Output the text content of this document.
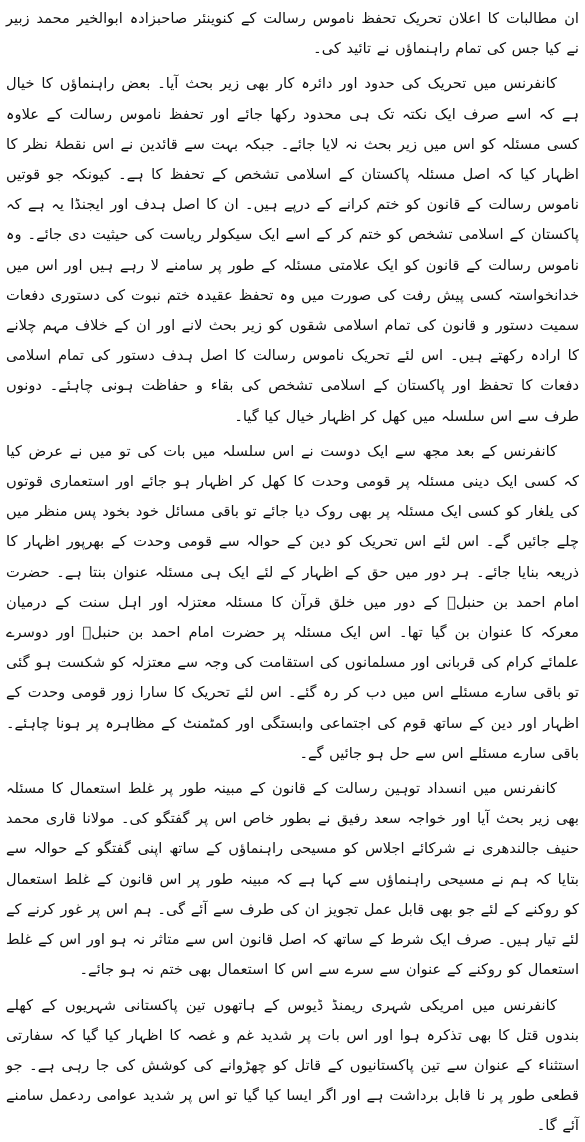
ان مطالبات کا اعلان تحریک تحفظ ناموس رسالت کے کنوینئر صاحبزادہ ابوالخیر محمد زبیر نے کیا جس کی تمام راہنماؤں نے تائید کی۔

کانفرنس میں تحریک کی حدود اور دائرہ کار بھی زیر بحث آیا۔ بعض راہنماؤں کا خیال ہے کہ اسے صرف ایک نکتہ تک ہی محدود رکھا جائے اور تحفظ ناموس رسالت کے علاوہ کسی مسئلہ کو اس میں زیر بحث نہ لایا جائے۔ جبکہ بہت سے قائدین نے اس نقطۂ نظر کا اظہار کیا کہ اصل مسئلہ پاکستان کے اسلامی تشخص کے تحفظ کا ہے۔ کیونکہ جو قوتیں ناموس رسالت کے قانون کو ختم کرانے کے درپے ہیں۔ ان کا اصل ہدف اور ایجنڈا یہ ہے کہ پاکستان کے اسلامی تشخص کو ختم کر کے اسے ایک سیکولر ریاست کی حیثیت دی جائے۔ وہ ناموس رسالت کے قانون کو ایک علامتی مسئلہ کے طور پر سامنے لا رہے ہیں اور اس میں خدانخواستہ کسی پیش رفت کی صورت میں وہ تحفظ عقیدہ ختم نبوت کی دستوری دفعات سمیت دستور و قانون کی تمام اسلامی شقوں کو زیر بحث لانے اور ان کے خلاف مہم چلانے کا ارادہ رکھتے ہیں۔ اس لئے تحریک ناموس رسالت کا اصل ہدف دستور کی تمام اسلامی دفعات کا تحفظ اور پاکستان کے اسلامی تشخص کی بقاء و حفاظت ہونی چاہئے۔ دونوں طرف سے اس سلسلہ میں کھل کر اظہار خیال کیا گیا۔

کانفرنس کے بعد مجھ سے ایک دوست نے اس سلسلہ میں بات کی تو میں نے عرض کیا کہ کسی ایک دینی مسئلہ پر قومی وحدت کا کھل کر اظہار ہو جائے اور استعماری قوتوں کی یلغار کو کسی ایک مسئلہ پر بھی روک دیا جائے تو باقی مسائل خود بخود پس منظر میں چلے جائیں گے۔ اس لئے اس تحریک کو دین کے حوالہ سے قومی وحدت کے بھرپور اظہار کا ذریعہ بنایا جائے۔ ہر دور میں حق کے اظہار کے لئے ایک ہی مسئلہ عنوان بنتا ہے۔ حضرت امام احمد بن حنبلؒ کے دور میں خلق قرآن کا مسئلہ معتزلہ اور اہل سنت کے درمیان معرکہ کا عنوان بن گیا تھا۔ اس ایک مسئلہ پر حضرت امام احمد بن حنبلؒ اور دوسرے علمائے کرام کی قربانی اور مسلمانوں کی استقامت کی وجہ سے معتزلہ کو شکست ہو گئی تو باقی سارے مسئلے اس میں دب کر رہ گئے۔ اس لئے تحریک کا سارا زور قومی وحدت کے اظہار اور دین کے ساتھ قوم کی اجتماعی وابستگی اور کمٹمنٹ کے مظاہرہ پر ہونا چاہئے۔ باقی سارے مسئلے اس سے حل ہو جائیں گے۔

کانفرنس میں انسداد توہین رسالت کے قانون کے مبینہ طور پر غلط استعمال کا مسئلہ بھی زیر بحث آیا اور خواجہ سعد رفیق نے بطور خاص اس پر گفتگو کی۔ مولانا قاری محمد حنیف جالندھری نے شرکائے اجلاس کو مسیحی راہنماؤں کے ساتھ اپنی گفتگو کے حوالہ سے بتایا کہ ہم نے مسیحی راہنماؤں سے کہا ہے کہ مبینہ طور پر اس قانون کے غلط استعمال کو روکنے کے لئے جو بھی قابل عمل تجویز ان کی طرف سے آئے گی۔ ہم اس پر غور کرنے کے لئے تیار ہیں۔ صرف ایک شرط کے ساتھ کہ اصل قانون اس سے متاثر نہ ہو اور اس کے غلط استعمال کو روکنے کے عنوان سے سرے سے اس کا استعمال بھی ختم نہ ہو جائے۔

کانفرنس میں امریکی شہری ریمنڈ ڈیوس کے ہاتھوں تین پاکستانی شہریوں کے کھلے بندوں قتل کا بھی تذکرہ ہوا اور اس بات پر شدید غم و غصہ کا اظہار کیا گیا کہ سفارتی استثناء کے عنوان سے تین پاکستانیوں کے قاتل کو چھڑوانے کی کوشش کی جا رہی ہے۔ جو قطعی طور پر نا قابل برداشت ہے اور اگر ایسا کیا گیا تو اس پر شدید عوامی ردعمل سامنے آئے گا۔
